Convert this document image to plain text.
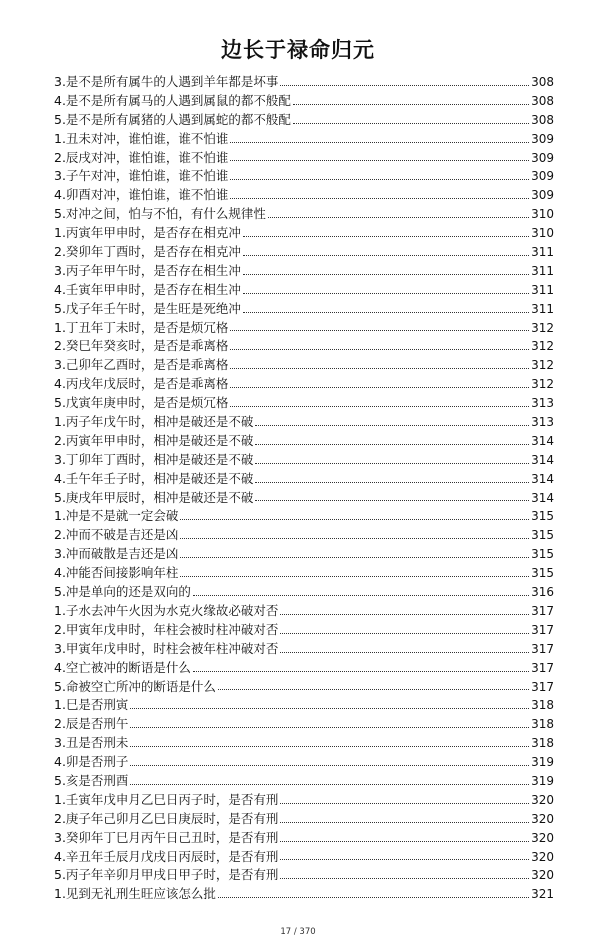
边长于禄命归元
3.是不是所有属牛的人遇到羊年都是坏事	308
4.是不是所有属马的人遇到属鼠的都不般配	308
5.是不是所有属猪的人遇到属蛇的都不般配	308
1.丑未对冲，谁怕谁，谁不怕谁	309
2.辰戌对冲，谁怕谁，谁不怕谁	309
3.子午对冲，谁怕谁，谁不怕谁	309
4.卯酉对冲，谁怕谁，谁不怕谁	309
5.对冲之间，怕与不怕，有什么规律性	310
1.丙寅年甲申时，是否存在相克冲	310
2.癸卯年丁酉时，是否存在相克冲	311
3.丙子年甲午时，是否存在相生冲	311
4.壬寅年甲申时，是否存在相生冲	311
5.戊子年壬午时，是生旺是死绝冲	311
1.丁丑年丁未时，是否是烦冗格	312
2.癸巳年癸亥时，是否是乖离格	312
3.己卯年乙酉时，是否是乖离格	312
4.丙戌年戊辰时，是否是乖离格	312
5.戊寅年庚申时，是否是烦冗格	313
1.丙子年戊午时，相冲是破还是不破	313
2.丙寅年甲申时，相冲是破还是不破	314
3.丁卯年丁酉时，相冲是破还是不破	314
4.壬午年壬子时，相冲是破还是不破	314
5.庚戌年甲辰时，相冲是破还是不破	314
1.冲是不是就一定会破	315
2.冲而不破是吉还是凶	315
3.冲而破散是吉还是凶	315
4.冲能否间接影响年柱	315
5.冲是单向的还是双向的	316
1.子水去冲午火因为水克火缘故必破对否	317
2.甲寅年戊申时，年柱会被时柱冲破对否	317
3.甲寅年戊申时，时柱会被年柱冲破对否	317
4.空亡被冲的断语是什么	317
5.命被空亡所冲的断语是什么	317
1.巳是否刑寅	318
2.辰是否刑午	318
3.丑是否刑未	318
4.卯是否刑子	319
5.亥是否刑酉	319
1.壬寅年戊申月乙巳日丙子时，是否有刑	320
2.庚子年己卯月乙巳日庚辰时，是否有刑	320
3.癸卯年丁巳月丙午日己丑时，是否有刑	320
4.辛丑年壬辰月戊戌日丙辰时，是否有刑	320
5.丙子年辛卯月甲戌日甲子时，是否有刑	320
1.见到无礼刑生旺应该怎么批	321
17 / 370
